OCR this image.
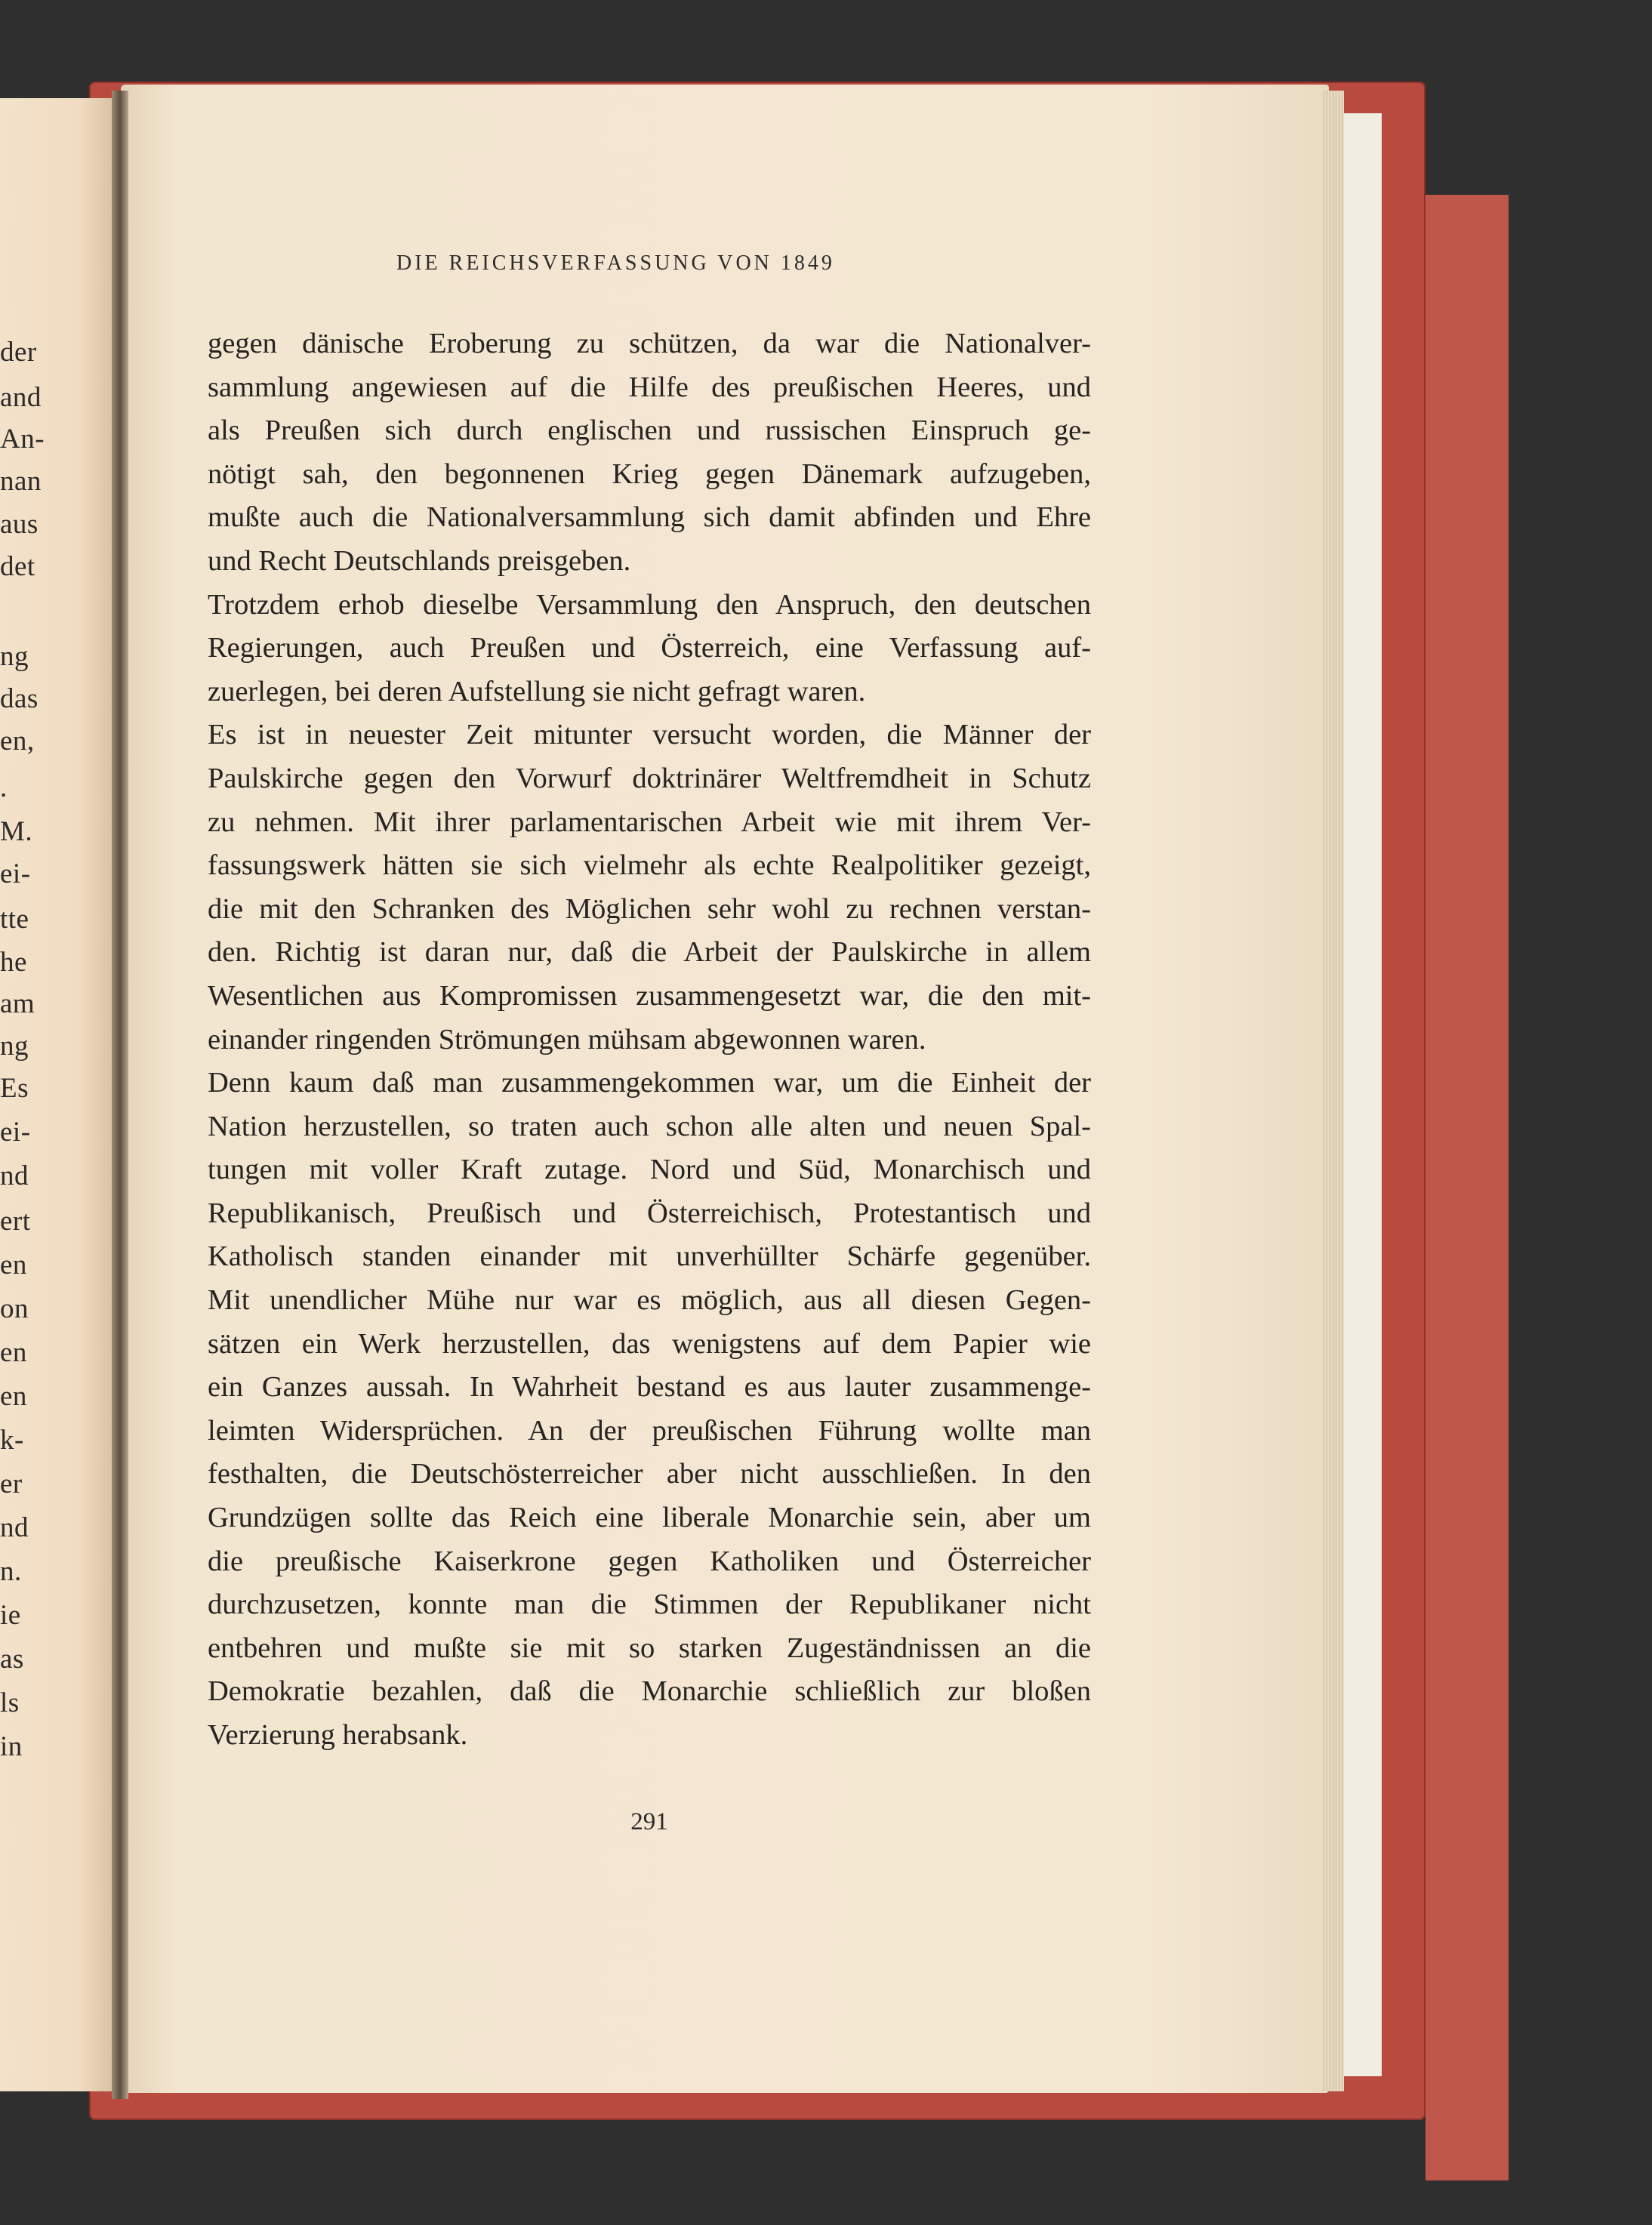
der
and
An-
nan
aus
det
ng
das
en,
.
M.
ei-
tte
he
am
ng
Es
ei-
nd
ert
en
on
en
en
k-
er
nd
n.
ie
as
ls
in
DIE REICHSVERFASSUNG VON 1849
gegen dänische Eroberung zu schützen, da war die Nationalver-
sammlung angewiesen auf die Hilfe des preußischen Heeres, und
als Preußen sich durch englischen und russischen Einspruch ge-
nötigt sah, den begonnenen Krieg gegen Dänemark aufzugeben,
mußte auch die Nationalversammlung sich damit abfinden und Ehre
und Recht Deutschlands preisgeben.
Trotzdem erhob dieselbe Versammlung den Anspruch, den deutschen
Regierungen, auch Preußen und Österreich, eine Verfassung auf-
zuerlegen, bei deren Aufstellung sie nicht gefragt waren.
Es ist in neuester Zeit mitunter versucht worden, die Männer der
Paulskirche gegen den Vorwurf doktrinärer Weltfremdheit in Schutz
zu nehmen. Mit ihrer parlamentarischen Arbeit wie mit ihrem Ver-
fassungswerk hätten sie sich vielmehr als echte Realpolitiker gezeigt,
die mit den Schranken des Möglichen sehr wohl zu rechnen verstan-
den. Richtig ist daran nur, daß die Arbeit der Paulskirche in allem
Wesentlichen aus Kompromissen zusammengesetzt war, die den mit-
einander ringenden Strömungen mühsam abgewonnen waren.
Denn kaum daß man zusammengekommen war, um die Einheit der
Nation herzustellen, so traten auch schon alle alten und neuen Spal-
tungen mit voller Kraft zutage. Nord und Süd, Monarchisch und
Republikanisch, Preußisch und Österreichisch, Protestantisch und
Katholisch standen einander mit unverhüllter Schärfe gegenüber.
Mit unendlicher Mühe nur war es möglich, aus all diesen Gegen-
sätzen ein Werk herzustellen, das wenigstens auf dem Papier wie
ein Ganzes aussah. In Wahrheit bestand es aus lauter zusammenge-
leimten Widersprüchen. An der preußischen Führung wollte man
festhalten, die Deutschösterreicher aber nicht ausschließen. In den
Grundzügen sollte das Reich eine liberale Monarchie sein, aber um
die preußische Kaiserkrone gegen Katholiken und Österreicher
durchzusetzen, konnte man die Stimmen der Republikaner nicht
entbehren und mußte sie mit so starken Zugeständnissen an die
Demokratie bezahlen, daß die Monarchie schließlich zur bloßen
Verzierung herabsank.
291
